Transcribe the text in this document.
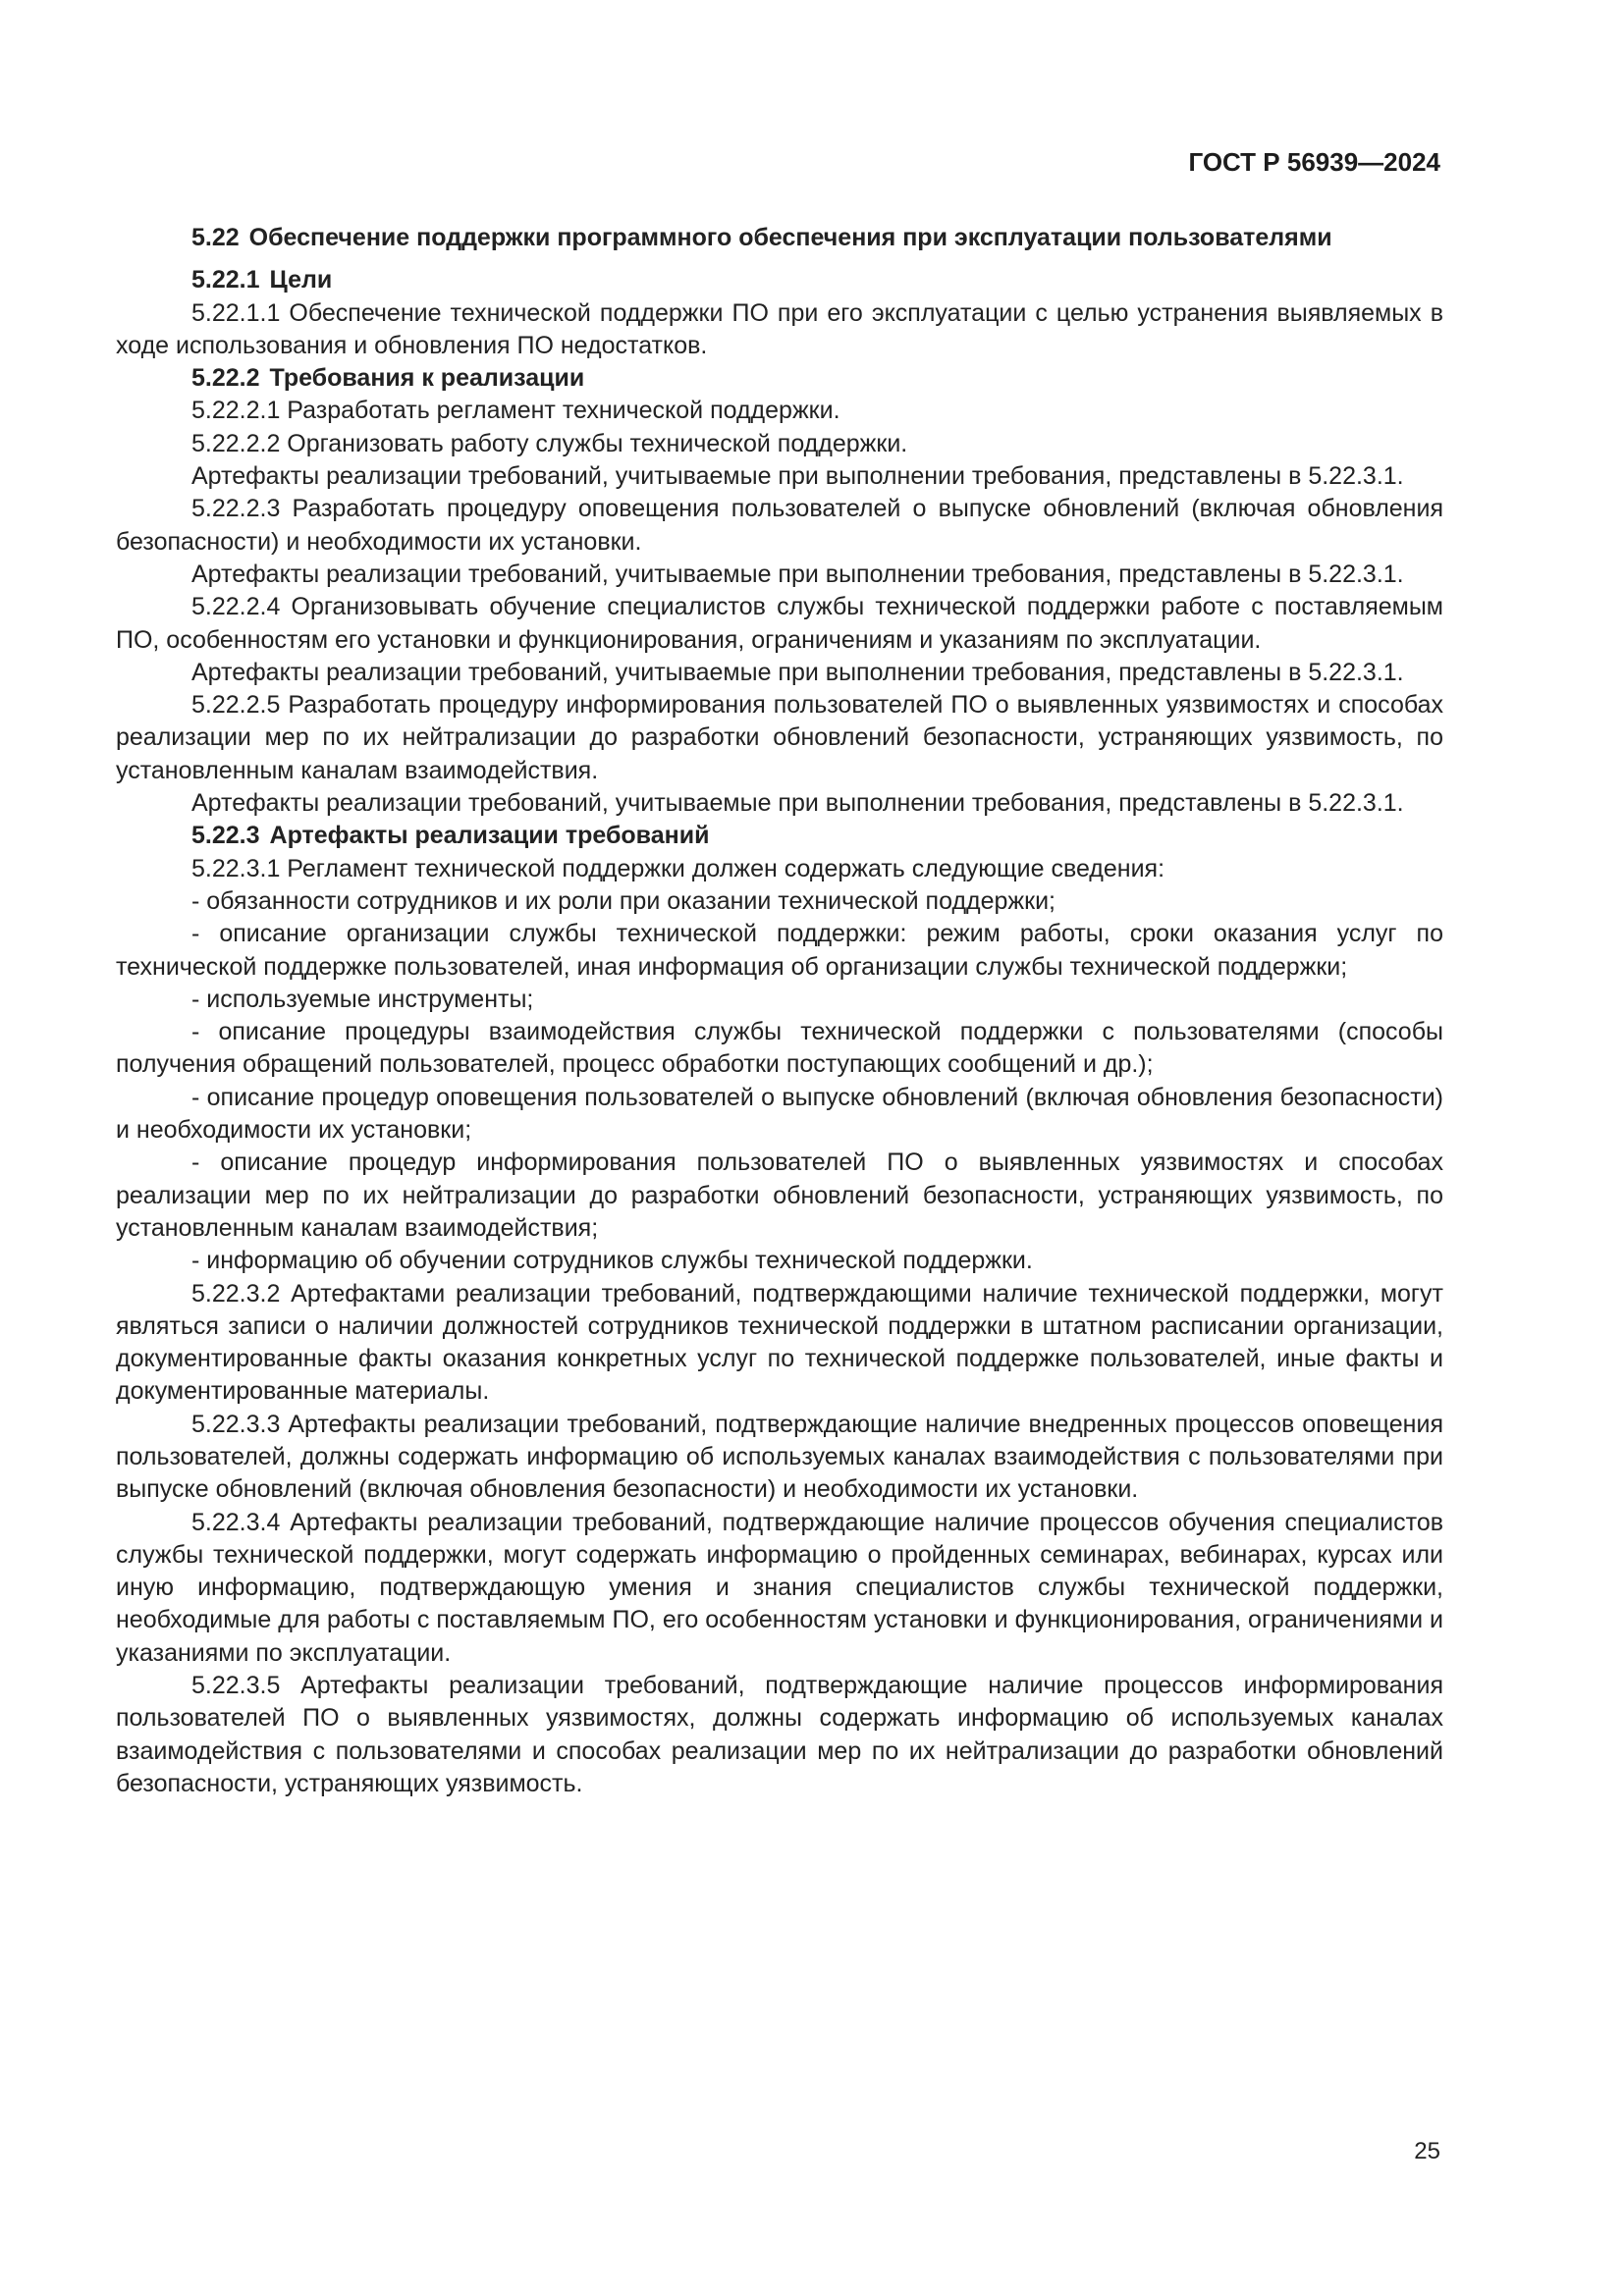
ГОСТ Р 56939—2024
5.22 Обеспечение поддержки программного обеспечения при эксплуатации пользователями
5.22.1 Цели
5.22.1.1 Обеспечение технической поддержки ПО при его эксплуатации с целью устранения выявляемых в ходе использования и обновления ПО недостатков.
5.22.2 Требования к реализации
5.22.2.1 Разработать регламент технической поддержки.
5.22.2.2 Организовать работу службы технической поддержки.
Артефакты реализации требований, учитываемые при выполнении требования, представлены в 5.22.3.1.
5.22.2.3 Разработать процедуру оповещения пользователей о выпуске обновлений (включая обновления безопасности) и необходимости их установки.
Артефакты реализации требований, учитываемые при выполнении требования, представлены в 5.22.3.1.
5.22.2.4 Организовывать обучение специалистов службы технической поддержки работе с поставляемым ПО, особенностям его установки и функционирования, ограничениям и указаниям по эксплуатации.
Артефакты реализации требований, учитываемые при выполнении требования, представлены в 5.22.3.1.
5.22.2.5 Разработать процедуру информирования пользователей ПО о выявленных уязвимостях и способах реализации мер по их нейтрализации до разработки обновлений безопасности, устраняющих уязвимость, по установленным каналам взаимодействия.
Артефакты реализации требований, учитываемые при выполнении требования, представлены в 5.22.3.1.
5.22.3 Артефакты реализации требований
5.22.3.1 Регламент технической поддержки должен содержать следующие сведения:
- обязанности сотрудников и их роли при оказании технической поддержки;
- описание организации службы технической поддержки: режим работы, сроки оказания услуг по технической поддержке пользователей, иная информация об организации службы технической поддержки;
- используемые инструменты;
- описание процедуры взаимодействия службы технической поддержки с пользователями (способы получения обращений пользователей, процесс обработки поступающих сообщений и др.);
- описание процедур оповещения пользователей о выпуске обновлений (включая обновления безопасности) и необходимости их установки;
- описание процедур информирования пользователей ПО о выявленных уязвимостях и способах реализации мер по их нейтрализации до разработки обновлений безопасности, устраняющих уязвимость, по установленным каналам взаимодействия;
- информацию об обучении сотрудников службы технической поддержки.
5.22.3.2 Артефактами реализации требований, подтверждающими наличие технической поддержки, могут являться записи о наличии должностей сотрудников технической поддержки в штатном расписании организации, документированные факты оказания конкретных услуг по технической поддержке пользователей, иные факты и документированные материалы.
5.22.3.3 Артефакты реализации требований, подтверждающие наличие внедренных процессов оповещения пользователей, должны содержать информацию об используемых каналах взаимодействия с пользователями при выпуске обновлений (включая обновления безопасности) и необходимости их установки.
5.22.3.4 Артефакты реализации требований, подтверждающие наличие процессов обучения специалистов службы технической поддержки, могут содержать информацию о пройденных семинарах, вебинарах, курсах или иную информацию, подтверждающую умения и знания специалистов службы технической поддержки, необходимые для работы с поставляемым ПО, его особенностям установки и функционирования, ограничениями и указаниями по эксплуатации.
5.22.3.5 Артефакты реализации требований, подтверждающие наличие процессов информирования пользователей ПО о выявленных уязвимостях, должны содержать информацию об используемых каналах взаимодействия с пользователями и способах реализации мер по их нейтрализации до разработки обновлений безопасности, устраняющих уязвимость.
25
